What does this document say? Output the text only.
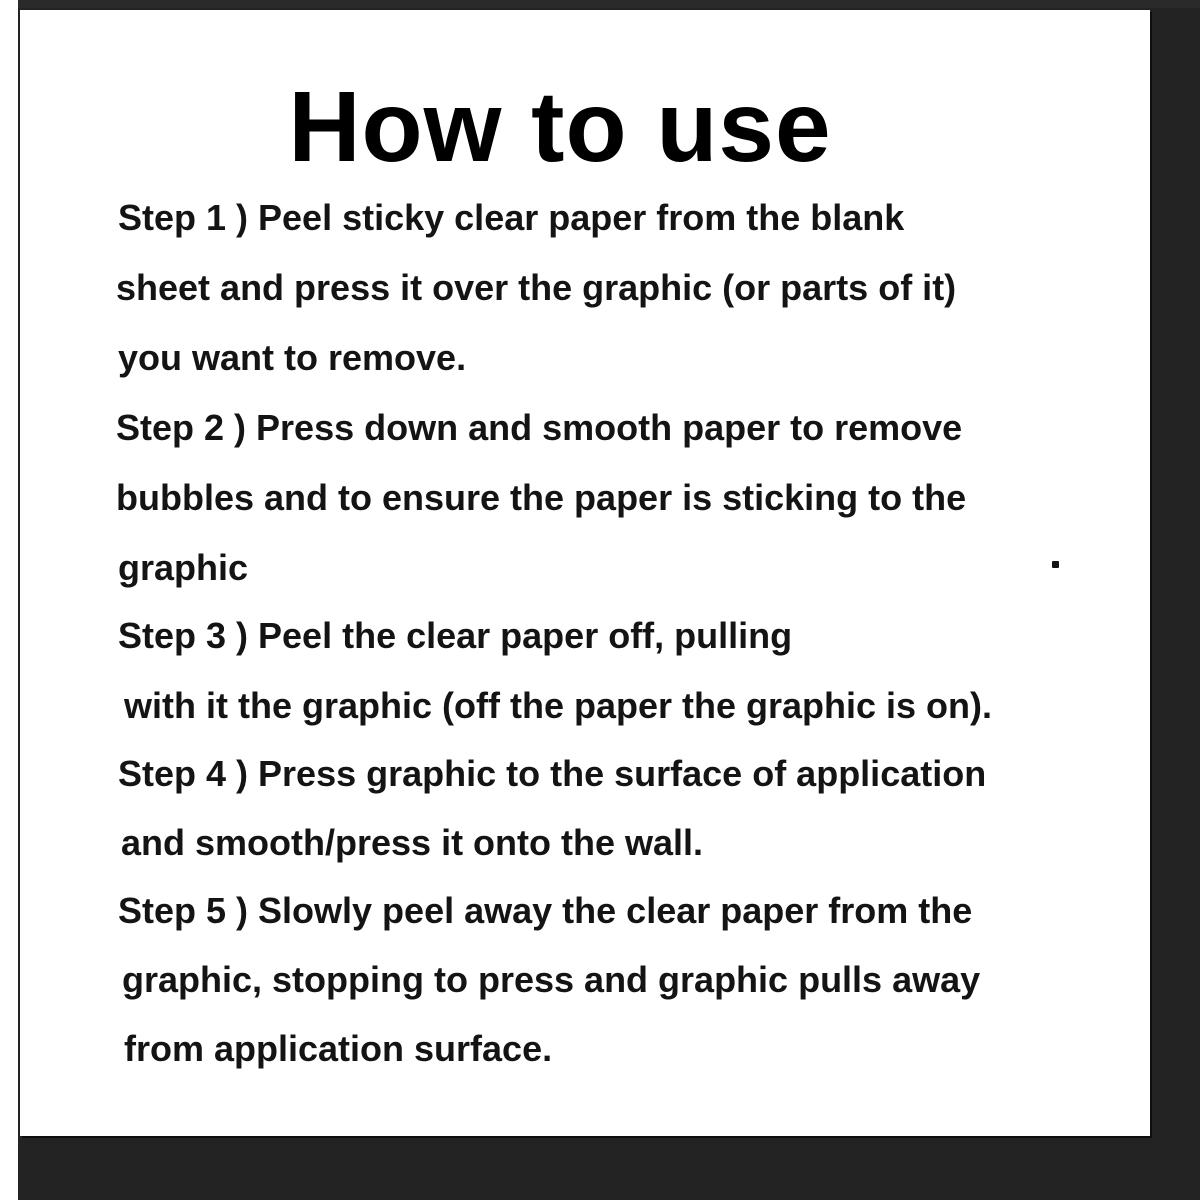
How to use

Step 1 ) Peel sticky clear paper from the blank

sheet and press it over the graphic (or parts of it)

you want to remove.

Step 2 ) Press down and smooth paper to remove

bubbles and to ensure the paper is sticking to the

graphic

Step 3 ) Peel the clear paper off, pulling

with it the graphic (off the paper the graphic is on).

Step 4 ) Press graphic to the surface of application

and smooth/press it onto the wall.

Step 5 ) Slowly peel away the clear paper from the

graphic, stopping to press and graphic pulls away

from application surface.
